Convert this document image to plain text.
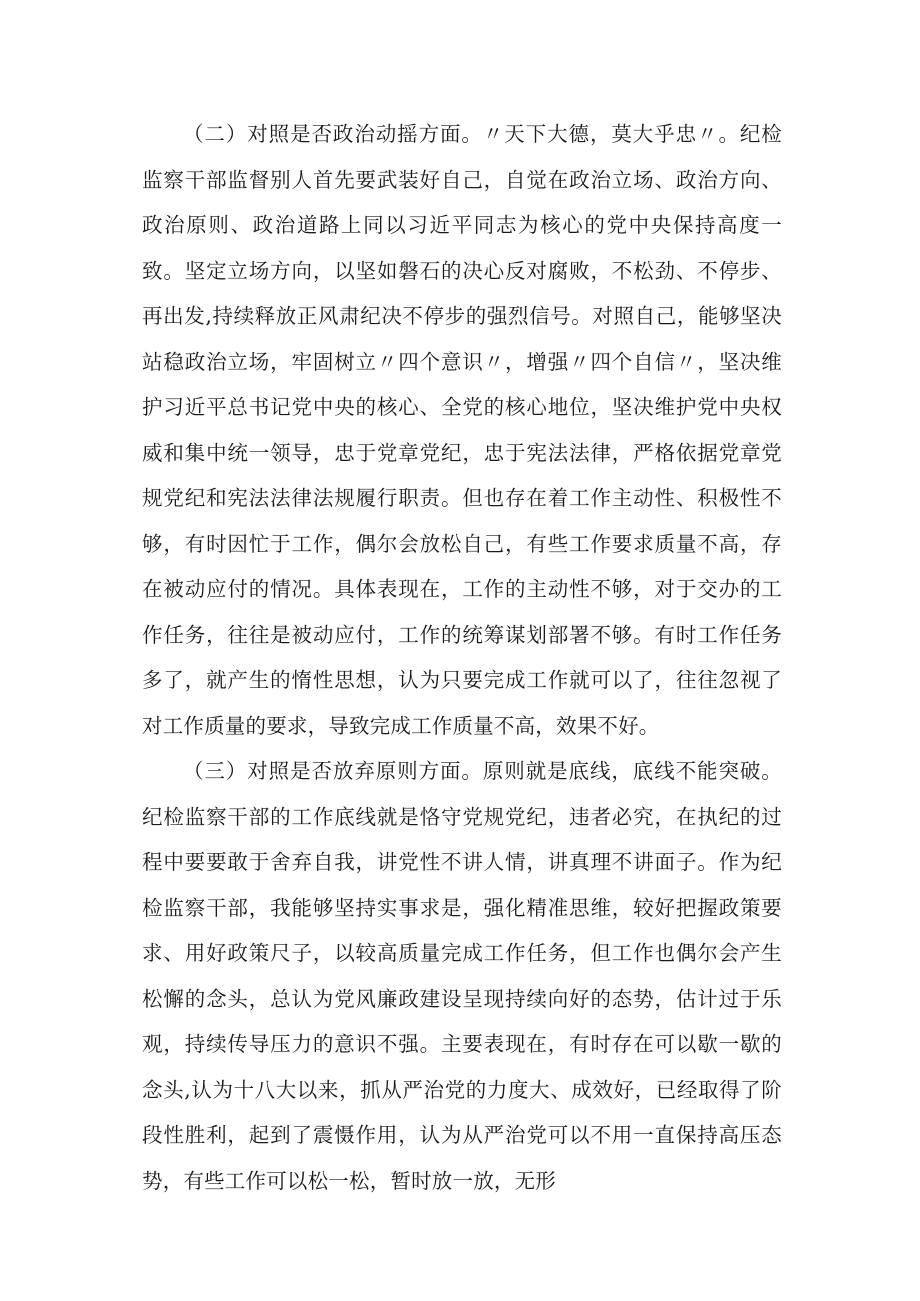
（二）对照是否政治动摇方面。〃天下大德，莫大乎忠〃。纪检监察干部监督别人首先要武装好自己，自觉在政治立场、政治方向、政治原则、政治道路上同以习近平同志为核心的党中央保持高度一致。坚定立场方向，以坚如磐石的决心反对腐败，不松劲、不停步、再出发,持续释放正风肃纪决不停步的强烈信号。对照自己，能够坚决站稳政治立场，牢固树立〃四个意识〃，增强〃四个自信〃，坚决维护习近平总书记党中央的核心、全党的核心地位，坚决维护党中央权威和集中统一领导，忠于党章党纪，忠于宪法法律，严格依据党章党规党纪和宪法法律法规履行职责。但也存在着工作主动性、积极性不够，有时因忙于工作，偶尔会放松自己，有些工作要求质量不高，存在被动应付的情况。具体表现在，工作的主动性不够，对于交办的工作任务，往往是被动应付，工作的统筹谋划部署不够。有时工作任务多了，就产生的惰性思想，认为只要完成工作就可以了，往往忽视了对工作质量的要求，导致完成工作质量不高，效果不好。

（三）对照是否放弃原则方面。原则就是底线，底线不能突破。纪检监察干部的工作底线就是恪守党规党纪，违者必究，在执纪的过程中要要敢于舍弃自我，讲党性不讲人情，讲真理不讲面子。作为纪检监察干部，我能够坚持实事求是，强化精准思维，较好把握政策要求、用好政策尺子，以较高质量完成工作任务，但工作也偶尔会产生松懈的念头，总认为党风廉政建设呈现持续向好的态势，估计过于乐观，持续传导压力的意识不强。主要表现在，有时存在可以歇一歇的念头,认为十八大以来，抓从严治党的力度大、成效好，已经取得了阶段性胜利，起到了震慑作用，认为从严治党可以不用一直保持高压态势，有些工作可以松一松，暂时放一放，无形
